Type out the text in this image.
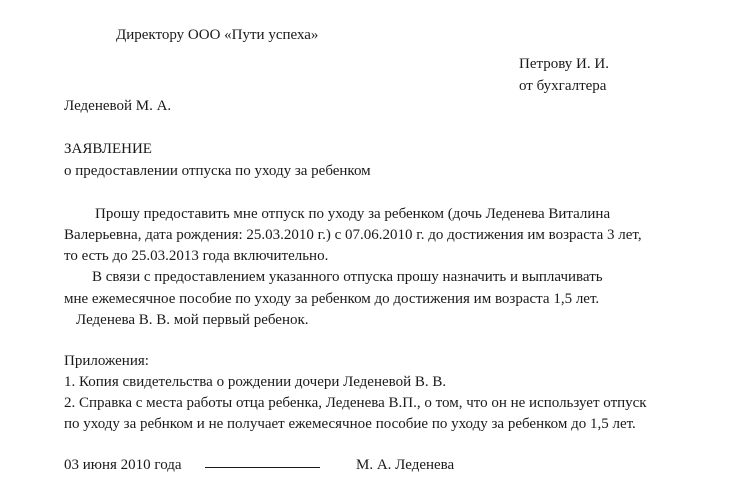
Директору ООО «Пути успеха»
Петрову И. И.
от бухгалтера
Леденевой М. А.
ЗАЯВЛЕНИЕ
о предоставлении отпуска по уходу за ребенком
Прошу предоставить мне отпуск по уходу за ребенком (дочь Леденева Виталина
Валерьевна, дата рождения: 25.03.2010 г.) с 07.06.2010 г. до достижения им возраста 3 лет,
то есть до 25.03.2013 года включительно.
В связи с предоставлением указанного отпуска прошу назначить и выплачивать
мне ежемесячное пособие по уходу за ребенком до достижения им возраста 1,5 лет.
Леденева В. В. мой первый ребенок.
Приложения:
1. Копия свидетельства о рождении дочери Леденевой В. В.
2. Справка с места работы отца ребенка, Леденева В.П., о том, что он не использует отпуск
по уходу за ребнком и не получает ежемесячное пособие по уходу за ребенком до 1,5 лет.
03 июня 2010 года	М. А. Леденева
